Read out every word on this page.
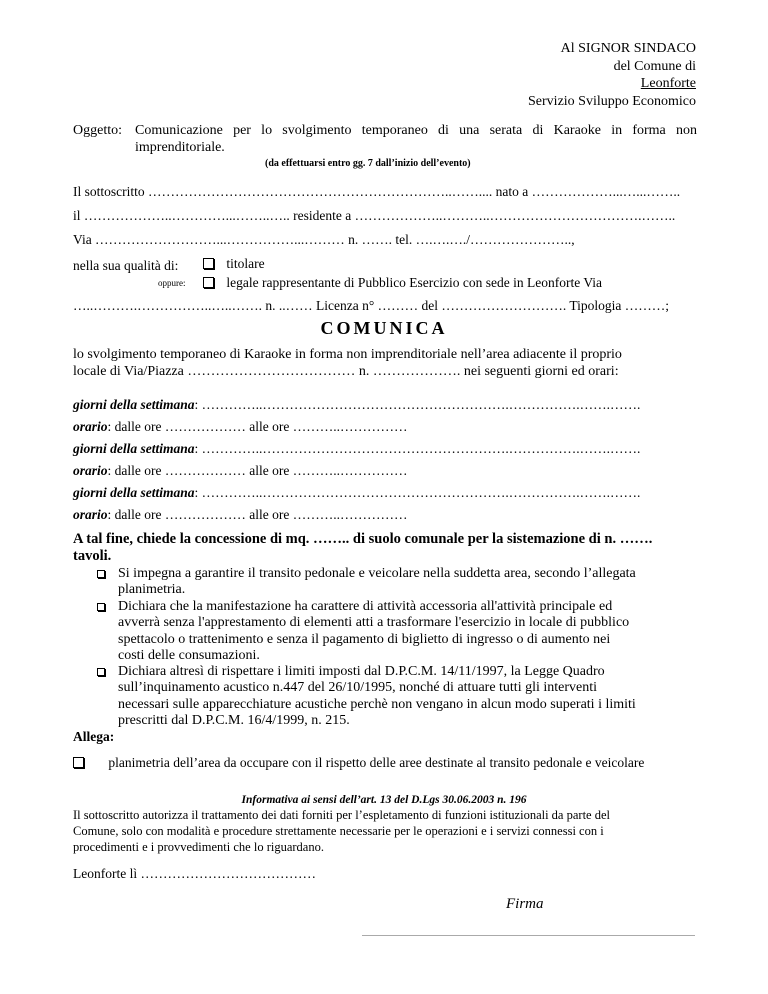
Al SIGNOR SINDACO
del Comune di
Leonforte
Servizio Sviluppo Economico
Oggetto: Comunicazione per lo svolgimento temporaneo di una serata di Karaoke in forma non
imprenditoriale.
(da effettuarsi entro gg. 7 dall’inizio dell’evento)
Il sottoscritto …………………………………………………………..…….... nato a ………………...…...……..
il ………………..…………...……..….. residente a ………………..………..…………………………….……..
Via ………………………...……………...……… n. ……. tel. ….….…./…………………..,
nella sua qualità di:	titolare
oppure:	legale rappresentante di Pubblico Esercizio con sede in Leonforte Via
…..……….……………..…..……. n. ..…… Licenza n° ……… del ………………………. Tipologia ………;
COMUNICA
lo svolgimento temporaneo di Karaoke in forma non imprenditoriale nell’area adiacente il proprio
locale di Via/Piazza ……………………………… n. ………………. nei seguenti giorni ed orari:
giorni della settimana: …………..……………………………………………….…………….…….…….
orario: dalle ore ……………… alle ore ………..……………
giorni della settimana: …………..……………………………………………….…………….…….…….
orario: dalle ore ……………… alle ore ………..……………
giorni della settimana: …………..……………………………………………….…………….…….…….
orario: dalle ore ……………… alle ore ………..……………
A tal fine, chiede la concessione di mq. …….. di suolo comunale per la sistemazione di n. …….
tavoli.
Si impegna a garantire il transito pedonale e veicolare nella suddetta area, secondo l’allegata
planimetria.
Dichiara che la manifestazione ha carattere di attività accessoria all'attività principale ed
avverrà senza l'apprestamento di elementi atti a trasformare l'esercizio in locale di pubblico
spettacolo o trattenimento e senza il pagamento di biglietto di ingresso o di aumento nei
costi delle consumazioni.
Dichiara altresì di rispettare i limiti imposti dal D.P.C.M. 14/11/1997, la Legge Quadro
sull’inquinamento acustico n.447 del 26/10/1995, nonché di attuare tutti gli interventi
necessari sulle apparecchiature acustiche perchè non vengano in alcun modo superati i limiti
prescritti dal D.P.C.M. 16/4/1999, n. 215.
Allega:
planimetria dell’area da occupare con il rispetto delle aree destinate al transito pedonale e veicolare
Informativa ai sensi dell’art. 13 del D.Lgs 30.06.2003 n. 196
Il sottoscritto autorizza il trattamento dei dati forniti per l’espletamento di funzioni istituzionali da parte del
Comune, solo con modalità e procedure strettamente necessarie per le operazioni e i servizi connessi con i
procedimenti e i provvedimenti che lo riguardano.
Leonforte lì …………………………………
Firma
